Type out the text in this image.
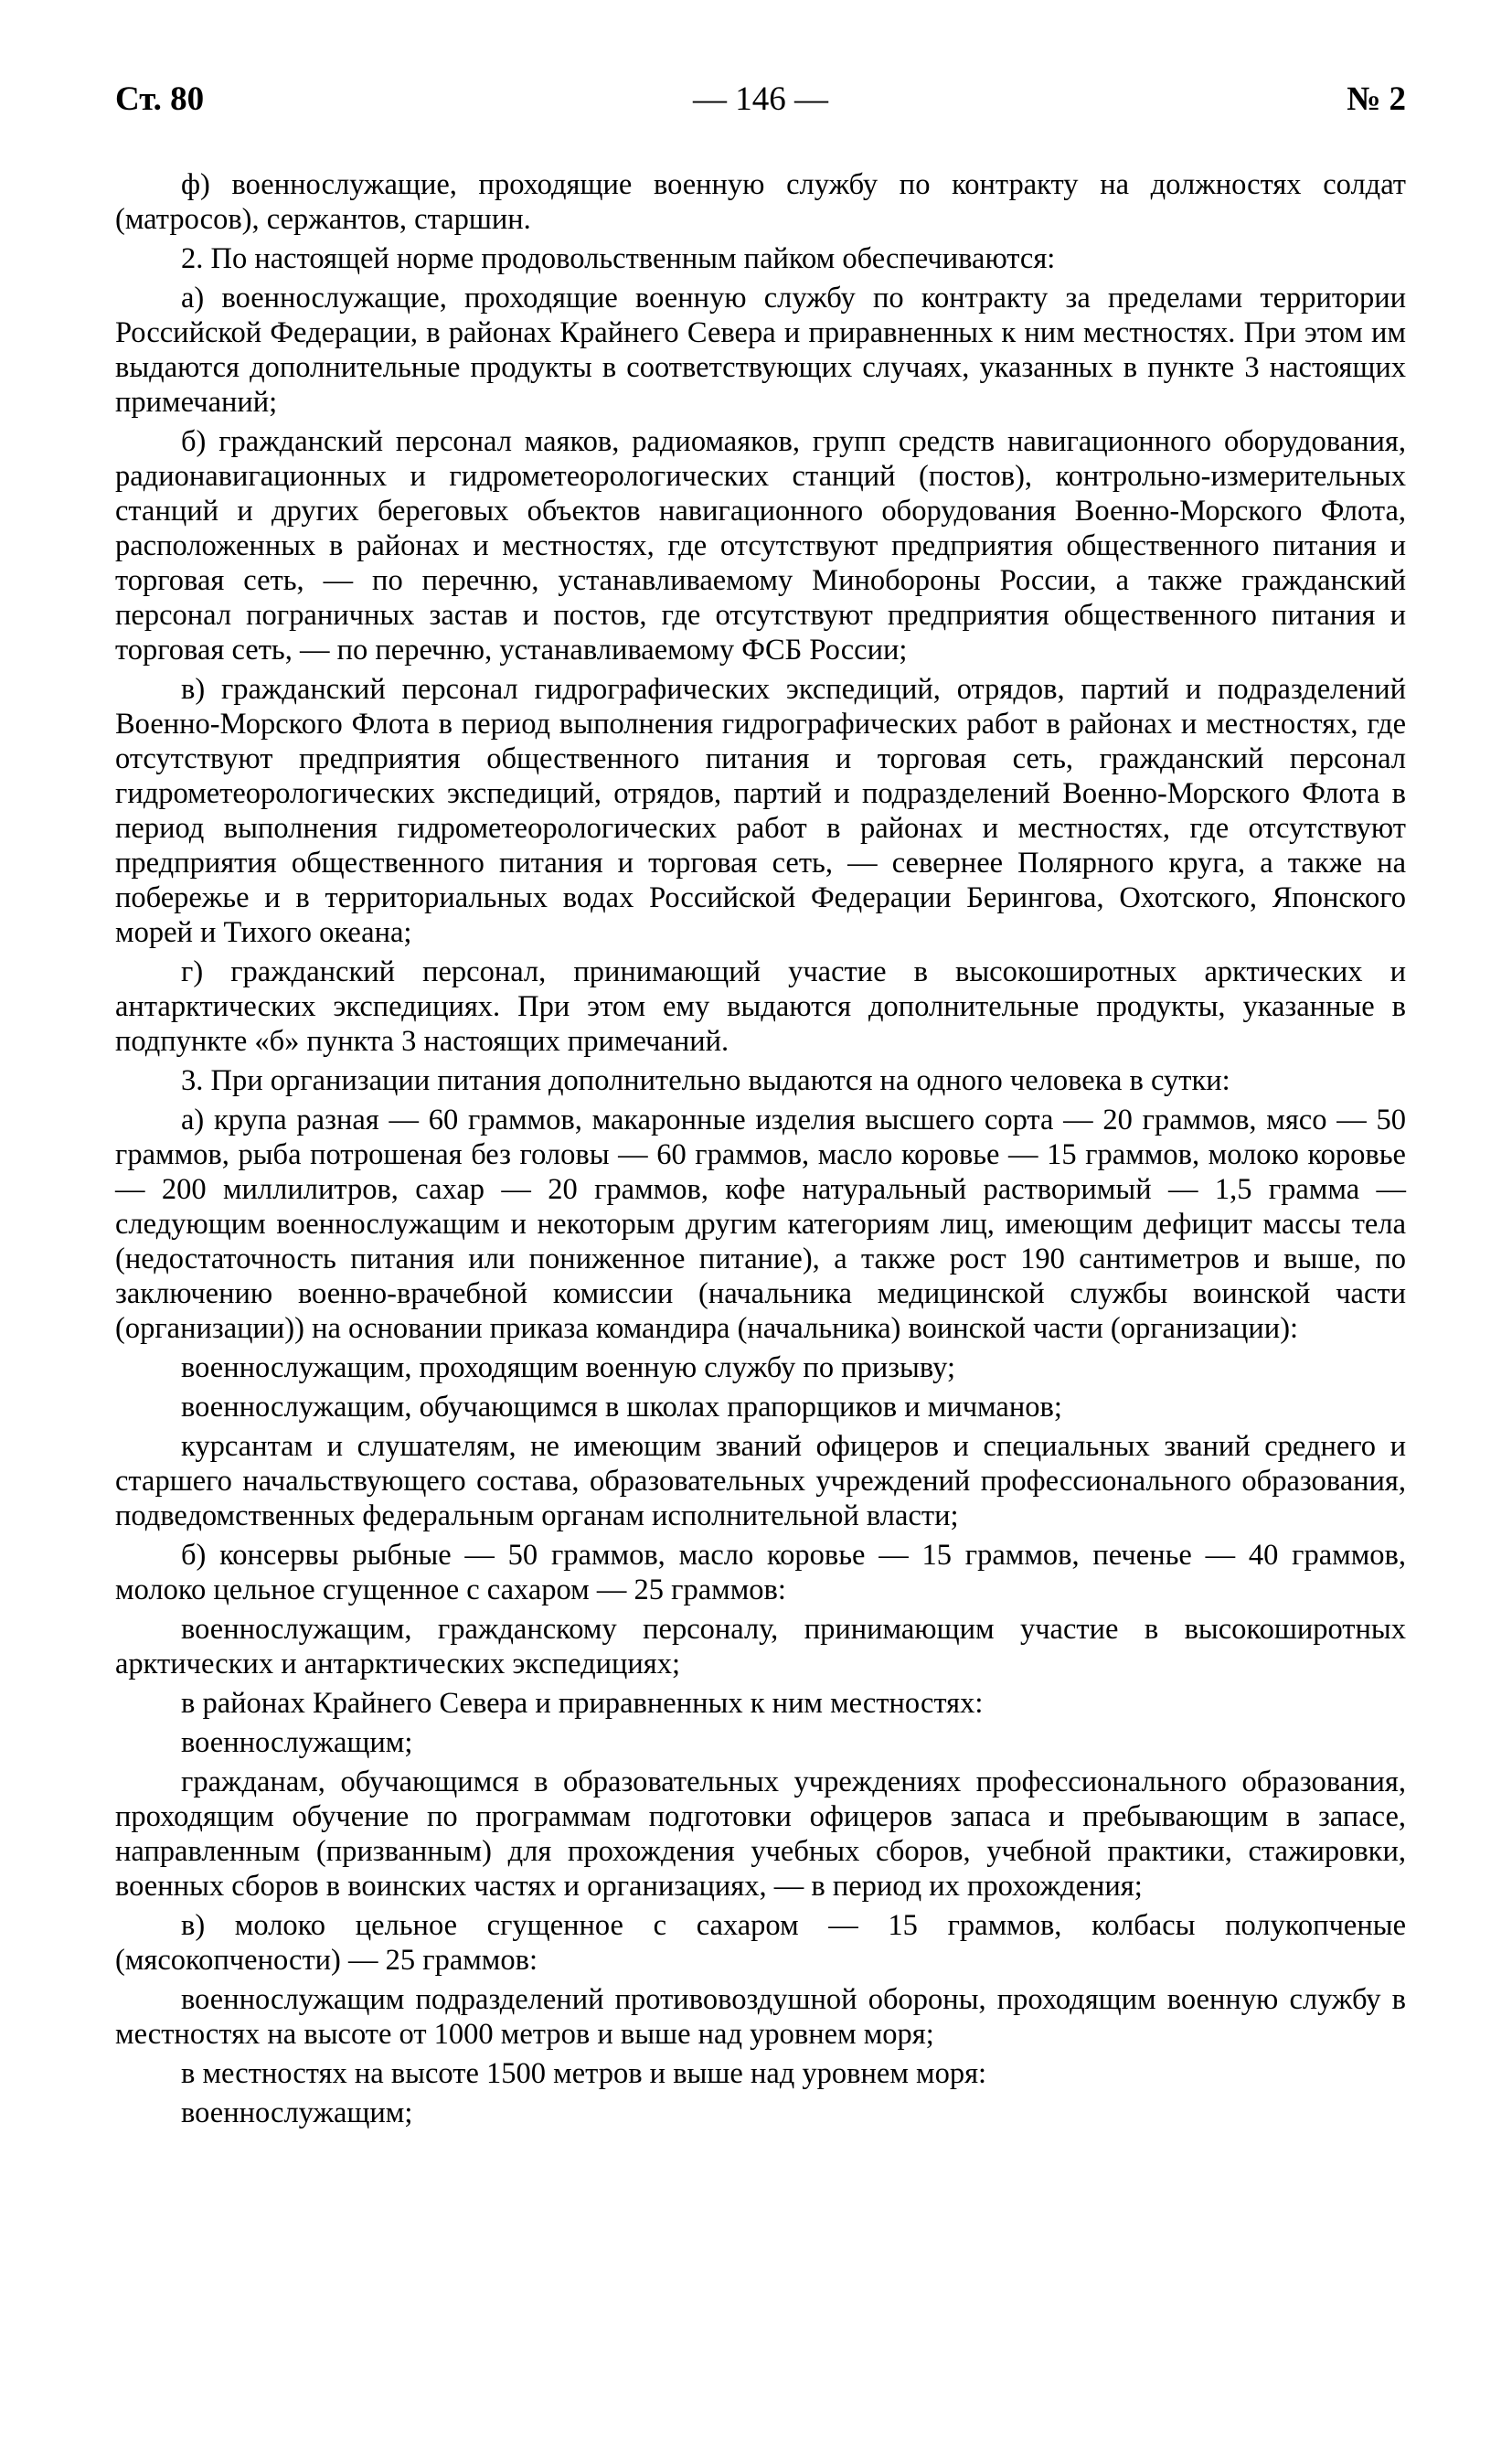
Ст. 80	— 146 —	№ 2

ф) военнослужащие, проходящие военную службу по контракту на должностях солдат (матросов), сержантов, старшин.

2. По настоящей норме продовольственным пайком обеспечиваются:

а) военнослужащие, проходящие военную службу по контракту за пределами территории Российской Федерации, в районах Крайнего Севера и приравненных к ним местностях. При этом им выдаются дополнительные продукты в соответствующих случаях, указанных в пункте 3 настоящих примечаний;

б) гражданский персонал маяков, радиомаяков, групп средств навигационного оборудования, радионавигационных и гидрометеорологических станций (постов), контрольно-измерительных станций и других береговых объектов навигационного оборудования Военно-Морского Флота, расположенных в районах и местностях, где отсутствуют предприятия общественного питания и торговая сеть, — по перечню, устанавливаемому Минобороны России, а также гражданский персонал пограничных застав и постов, где отсутствуют предприятия общественного питания и торговая сеть, — по перечню, устанавливаемому ФСБ России;

в) гражданский персонал гидрографических экспедиций, отрядов, партий и подразделений Военно-Морского Флота в период выполнения гидрографических работ в районах и местностях, где отсутствуют предприятия общественного питания и торговая сеть, гражданский персонал гидрометеорологических экспедиций, отрядов, партий и подразделений Военно-Морского Флота в период выполнения гидрометеорологических работ в районах и местностях, где отсутствуют предприятия общественного питания и торговая сеть, — севернее Полярного круга, а также на побережье и в территориальных водах Российской Федерации Берингова, Охотского, Японского морей и Тихого океана;

г) гражданский персонал, принимающий участие в высокоширотных арктических и антарктических экспедициях. При этом ему выдаются дополнительные продукты, указанные в подпункте «б» пункта 3 настоящих примечаний.

3. При организации питания дополнительно выдаются на одного человека в сутки:

а) крупа разная — 60 граммов, макаронные изделия высшего сорта — 20 граммов, мясо — 50 граммов, рыба потрошеная без головы — 60 граммов, масло коровье — 15 граммов, молоко коровье — 200 миллилитров, сахар — 20 граммов, кофе натуральный растворимый — 1,5 грамма — следующим военнослужащим и некоторым другим категориям лиц, имеющим дефицит массы тела (недостаточность питания или пониженное питание), а также рост 190 сантиметров и выше, по заключению военно-врачебной комиссии (начальника медицинской службы воинской части (организации)) на основании приказа командира (начальника) воинской части (организации):

военнослужащим, проходящим военную службу по призыву;

военнослужащим, обучающимся в школах прапорщиков и мичманов;

курсантам и слушателям, не имеющим званий офицеров и специальных званий среднего и старшего начальствующего состава, образовательных учреждений профессионального образования, подведомственных федеральным органам исполнительной власти;

б) консервы рыбные — 50 граммов, масло коровье — 15 граммов, печенье — 40 граммов, молоко цельное сгущенное с сахаром — 25 граммов:

военнослужащим, гражданскому персоналу, принимающим участие в высокоширотных арктических и антарктических экспедициях;

в районах Крайнего Севера и приравненных к ним местностях:

военнослужащим;

гражданам, обучающимся в образовательных учреждениях профессионального образования, проходящим обучение по программам подготовки офицеров запаса и пребывающим в запасе, направленным (призванным) для прохождения учебных сборов, учебной практики, стажировки, военных сборов в воинских частях и организациях, — в период их прохождения;

в) молоко цельное сгущенное с сахаром — 15 граммов, колбасы полукопченые (мясокопчености) — 25 граммов:

военнослужащим подразделений противовоздушной обороны, проходящим военную службу в местностях на высоте от 1000 метров и выше над уровнем моря;

в местностях на высоте 1500 метров и выше над уровнем моря:

военнослужащим;
